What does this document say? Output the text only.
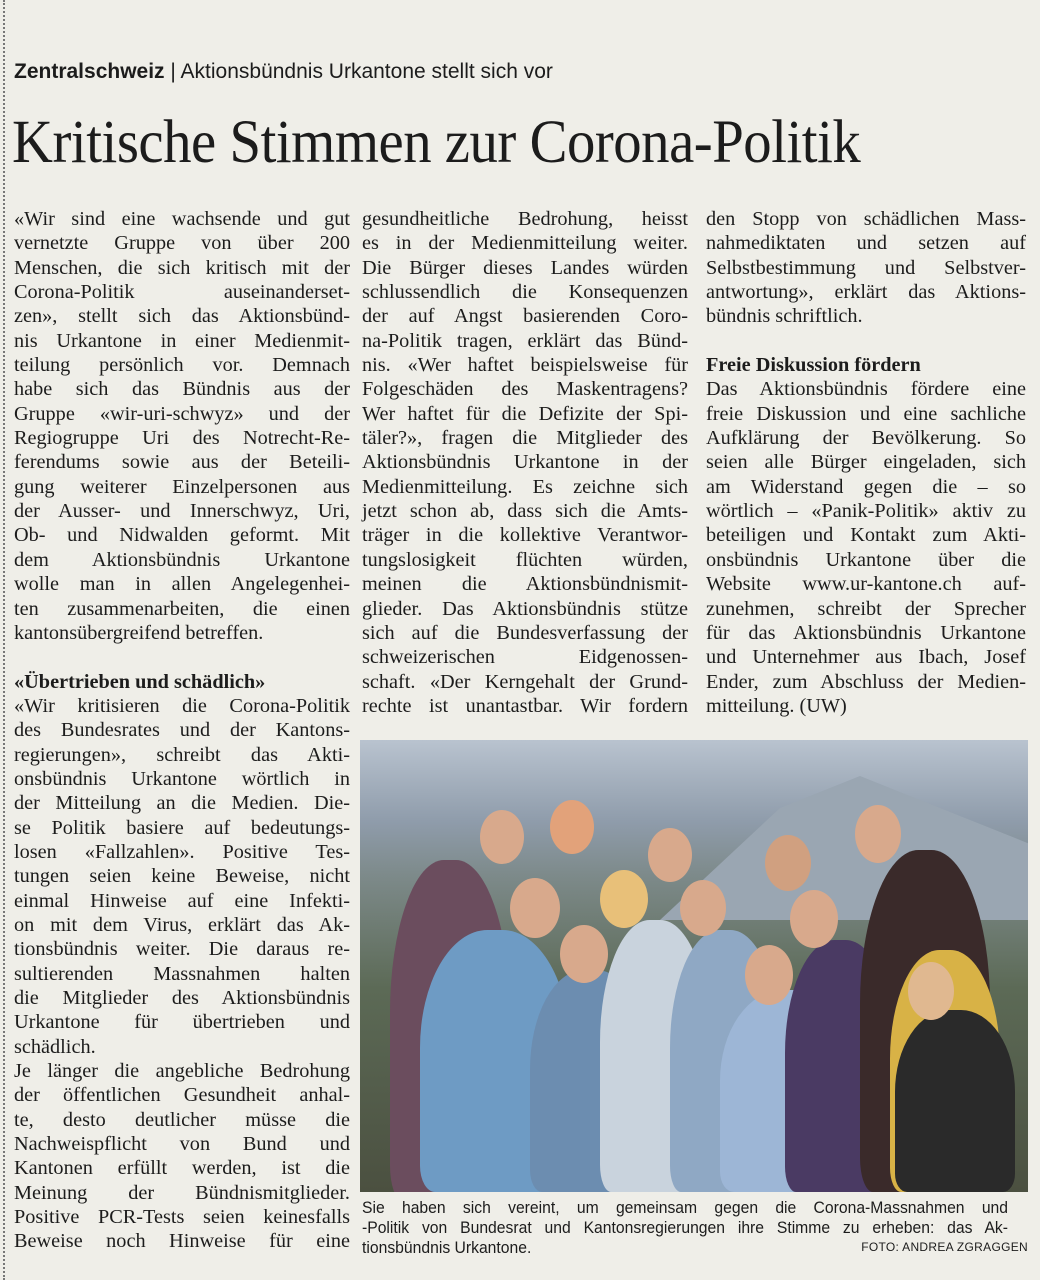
Zentralschweiz | Aktionsbündnis Urkantone stellt sich vor
Kritische Stimmen zur Corona-Politik
«Wir sind eine wachsende und gut
vernetzte Gruppe von über 200
Menschen, die sich kritisch mit der
Corona-Politik auseinanderset-
zen», stellt sich das Aktionsbünd-
nis Urkantone in einer Medienmit-
teilung persönlich vor. Demnach
habe sich das Bündnis aus der
Gruppe «wir-uri-schwyz» und der
Regiogruppe Uri des Notrecht-Re-
ferendums sowie aus der Beteili-
gung weiterer Einzelpersonen aus
der Ausser- und Innerschwyz, Uri,
Ob- und Nidwalden geformt. Mit
dem Aktionsbündnis Urkantone
wolle man in allen Angelegenhei-
ten zusammenarbeiten, die einen
kantonsübergreifend betreffen.
«Übertrieben und schädlich»
«Wir kritisieren die Corona-Politik
des Bundesrates und der Kantons-
regierungen», schreibt das Akti-
onsbündnis Urkantone wörtlich in
der Mitteilung an die Medien. Die-
se Politik basiere auf bedeutungs-
losen «Fallzahlen». Positive Tes-
tungen seien keine Beweise, nicht
einmal Hinweise auf eine Infekti-
on mit dem Virus, erklärt das Ak-
tionsbündnis weiter. Die daraus re-
sultierenden Massnahmen halten
die Mitglieder des Aktionsbündnis
Urkantone für übertrieben und
schädlich.
Je länger die angebliche Bedrohung
der öffentlichen Gesundheit anhal-
te, desto deutlicher müsse die
Nachweispflicht von Bund und
Kantonen erfüllt werden, ist die
Meinung der Bündnismitglieder.
Positive PCR-Tests seien keinesfalls
Beweise noch Hinweise für eine
gesundheitliche Bedrohung, heisst
es in der Medienmitteilung weiter.
Die Bürger dieses Landes würden
schlussendlich die Konsequenzen
der auf Angst basierenden Coro-
na-Politik tragen, erklärt das Bünd-
nis. «Wer haftet beispielsweise für
Folgeschäden des Maskentragens?
Wer haftet für die Defizite der Spi-
täler?», fragen die Mitglieder des
Aktionsbündnis Urkantone in der
Medienmitteilung. Es zeichne sich
jetzt schon ab, dass sich die Amts-
träger in die kollektive Verantwor-
tungslosigkeit flüchten würden,
meinen die Aktionsbündnismit-
glieder. Das Aktionsbündnis stütze
sich auf die Bundesverfassung der
schweizerischen Eidgenossen-
schaft. «Der Kerngehalt der Grund-
rechte ist unantastbar. Wir fordern
den Stopp von schädlichen Mass-
nahmediktaten und setzen auf
Selbstbestimmung und Selbstver-
antwortung», erklärt das Aktions-
bündnis schriftlich.
Freie Diskussion fördern
Das Aktionsbündnis fördere eine
freie Diskussion und eine sachliche
Aufklärung der Bevölkerung. So
seien alle Bürger eingeladen, sich
am Widerstand gegen die – so
wörtlich – «Panik-Politik» aktiv zu
beteiligen und Kontakt zum Akti-
onsbündnis Urkantone über die
Website www.ur-kantone.ch auf-
zunehmen, schreibt der Sprecher
für das Aktionsbündnis Urkantone
und Unternehmer aus Ibach, Josef
Ender, zum Abschluss der Medien-
mitteilung. (UW)
Sie haben sich vereint, um gemeinsam gegen die Corona-Massnahmen und
-Politik von Bundesrat und Kantonsregierungen ihre Stimme zu erheben: das Ak-
tionsbündnis Urkantone.	FOTO: ANDREA ZGRAGGEN
